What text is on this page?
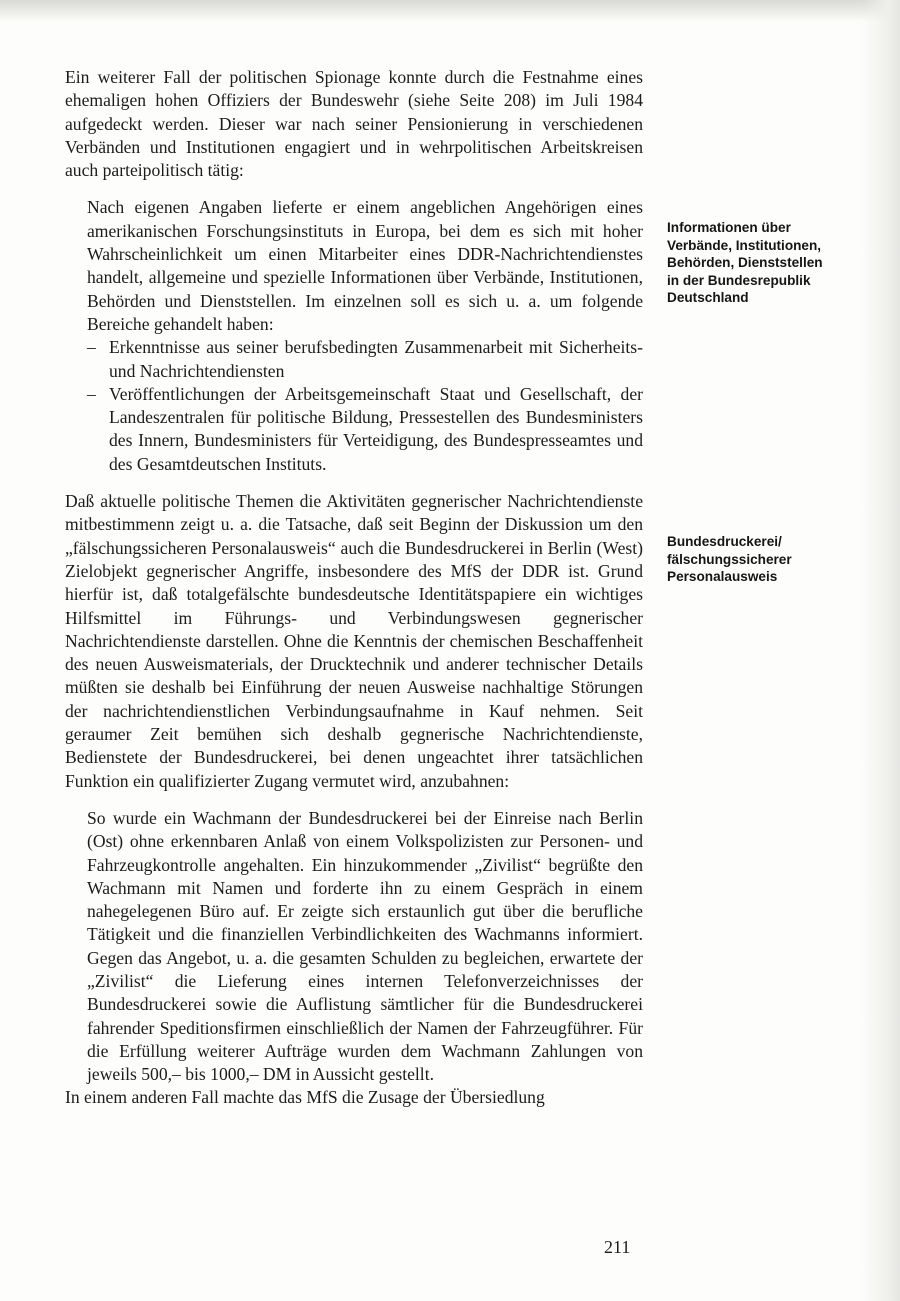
Ein weiterer Fall der politischen Spionage konnte durch die Festnahme eines ehemaligen hohen Offiziers der Bundeswehr (siehe Seite 208) im Juli 1984 aufgedeckt werden. Dieser war nach seiner Pensionierung in verschiedenen Verbänden und Institutionen engagiert und in wehrpolitischen Arbeitskreisen auch parteipolitisch tätig:

Nach eigenen Angaben lieferte er einem angeblichen Angehörigen eines amerikanischen Forschungsinstituts in Europa, bei dem es sich mit hoher Wahrscheinlichkeit um einen Mitarbeiter eines DDR-Nachrichtendienstes handelt, allgemeine und spezielle Informationen über Verbände, Institutionen, Behörden und Dienststellen. Im einzelnen soll es sich u. a. um folgende Bereiche gehandelt haben:

– Erkenntnisse aus seiner berufsbedingten Zusammenarbeit mit Sicherheits- und Nachrichtendiensten
– Veröffentlichungen der Arbeitsgemeinschaft Staat und Gesellschaft, der Landeszentralen für politische Bildung, Pressestellen des Bundesministers des Innern, Bundesministers für Verteidigung, des Bundespresseamtes und des Gesamtdeutschen Instituts.

Daß aktuelle politische Themen die Aktivitäten gegnerischer Nachrichtendienste mitbestimmenn zeigt u. a. die Tatsache, daß seit Beginn der Diskussion um den „fälschungssicheren Personalausweis“ auch die Bundesdruckerei in Berlin (West) Zielobjekt gegnerischer Angriffe, insbesondere des MfS der DDR ist. Grund hierfür ist, daß totalgefälschte bundesdeutsche Identitätspapiere ein wichtiges Hilfsmittel im Führungs- und Verbindungswesen gegnerischer Nachrichtendienste darstellen. Ohne die Kenntnis der chemischen Beschaffenheit des neuen Ausweismaterials, der Drucktechnik und anderer technischer Details müßten sie deshalb bei Einführung der neuen Ausweise nachhaltige Störungen der nachrichtendienstlichen Verbindungsaufnahme in Kauf nehmen. Seit geraumer Zeit bemühen sich deshalb gegnerische Nachrichtendienste, Bedienstete der Bundesdruckerei, bei denen ungeachtet ihrer tatsächlichen Funktion ein qualifizierter Zugang vermutet wird, anzubahnen:

So wurde ein Wachmann der Bundesdruckerei bei der Einreise nach Berlin (Ost) ohne erkennbaren Anlaß von einem Volkspolizisten zur Personen- und Fahrzeugkontrolle angehalten. Ein hinzukommender „Zivilist“ begrüßte den Wachmann mit Namen und forderte ihn zu einem Gespräch in einem nahegelegenen Büro auf. Er zeigte sich erstaunlich gut über die berufliche Tätigkeit und die finanziellen Verbindlichkeiten des Wachmanns informiert. Gegen das Angebot, u. a. die gesamten Schulden zu begleichen, erwartete der „Zivilist“ die Lieferung eines internen Telefonverzeichnisses der Bundesdruckerei sowie die Auflistung sämtlicher für die Bundesdruckerei fahrender Speditionsfirmen einschließlich der Namen der Fahrzeugführer. Für die Erfüllung weiterer Aufträge wurden dem Wachmann Zahlungen von jeweils 500,– bis 1000,– DM in Aussicht gestellt.

In einem anderen Fall machte das MfS die Zusage der Übersiedlung

Informationen über Verbände, Institutionen, Behörden, Dienststellen in der Bundesrepublik Deutschland
Bundesdruckerei/ fälschungssicherer Personalausweis
211
